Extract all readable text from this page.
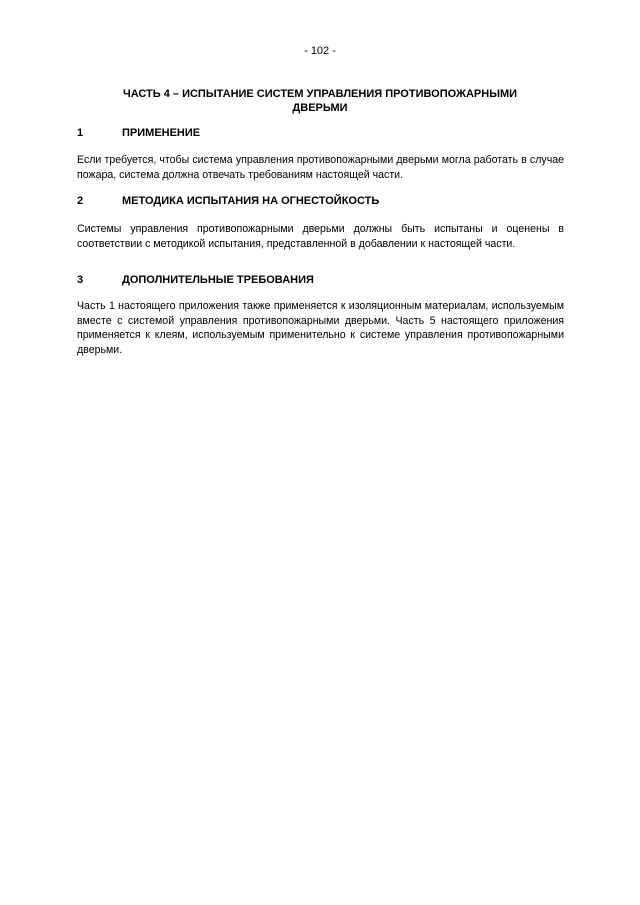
- 102 -
ЧАСТЬ 4 – ИСПЫТАНИЕ СИСТЕМ УПРАВЛЕНИЯ ПРОТИВОПОЖАРНЫМИ ДВЕРЬМИ
1	ПРИМЕНЕНИЕ
Если требуется, чтобы система управления противопожарными дверьми могла работать в случае пожара, система должна отвечать требованиям настоящей части.
2	МЕТОДИКА ИСПЫТАНИЯ НА ОГНЕСТОЙКОСТЬ
Системы управления противопожарными дверьми должны быть испытаны и оценены в соответствии с методикой испытания, представленной в добавлении к настоящей части.
3	ДОПОЛНИТЕЛЬНЫЕ ТРЕБОВАНИЯ
Часть 1 настоящего приложения также применяется к изоляционным материалам, используемым вместе с системой управления противопожарными дверьми. Часть 5 настоящего приложения применяется к клеям, используемым применительно к системе управления противопожарными дверьми.
